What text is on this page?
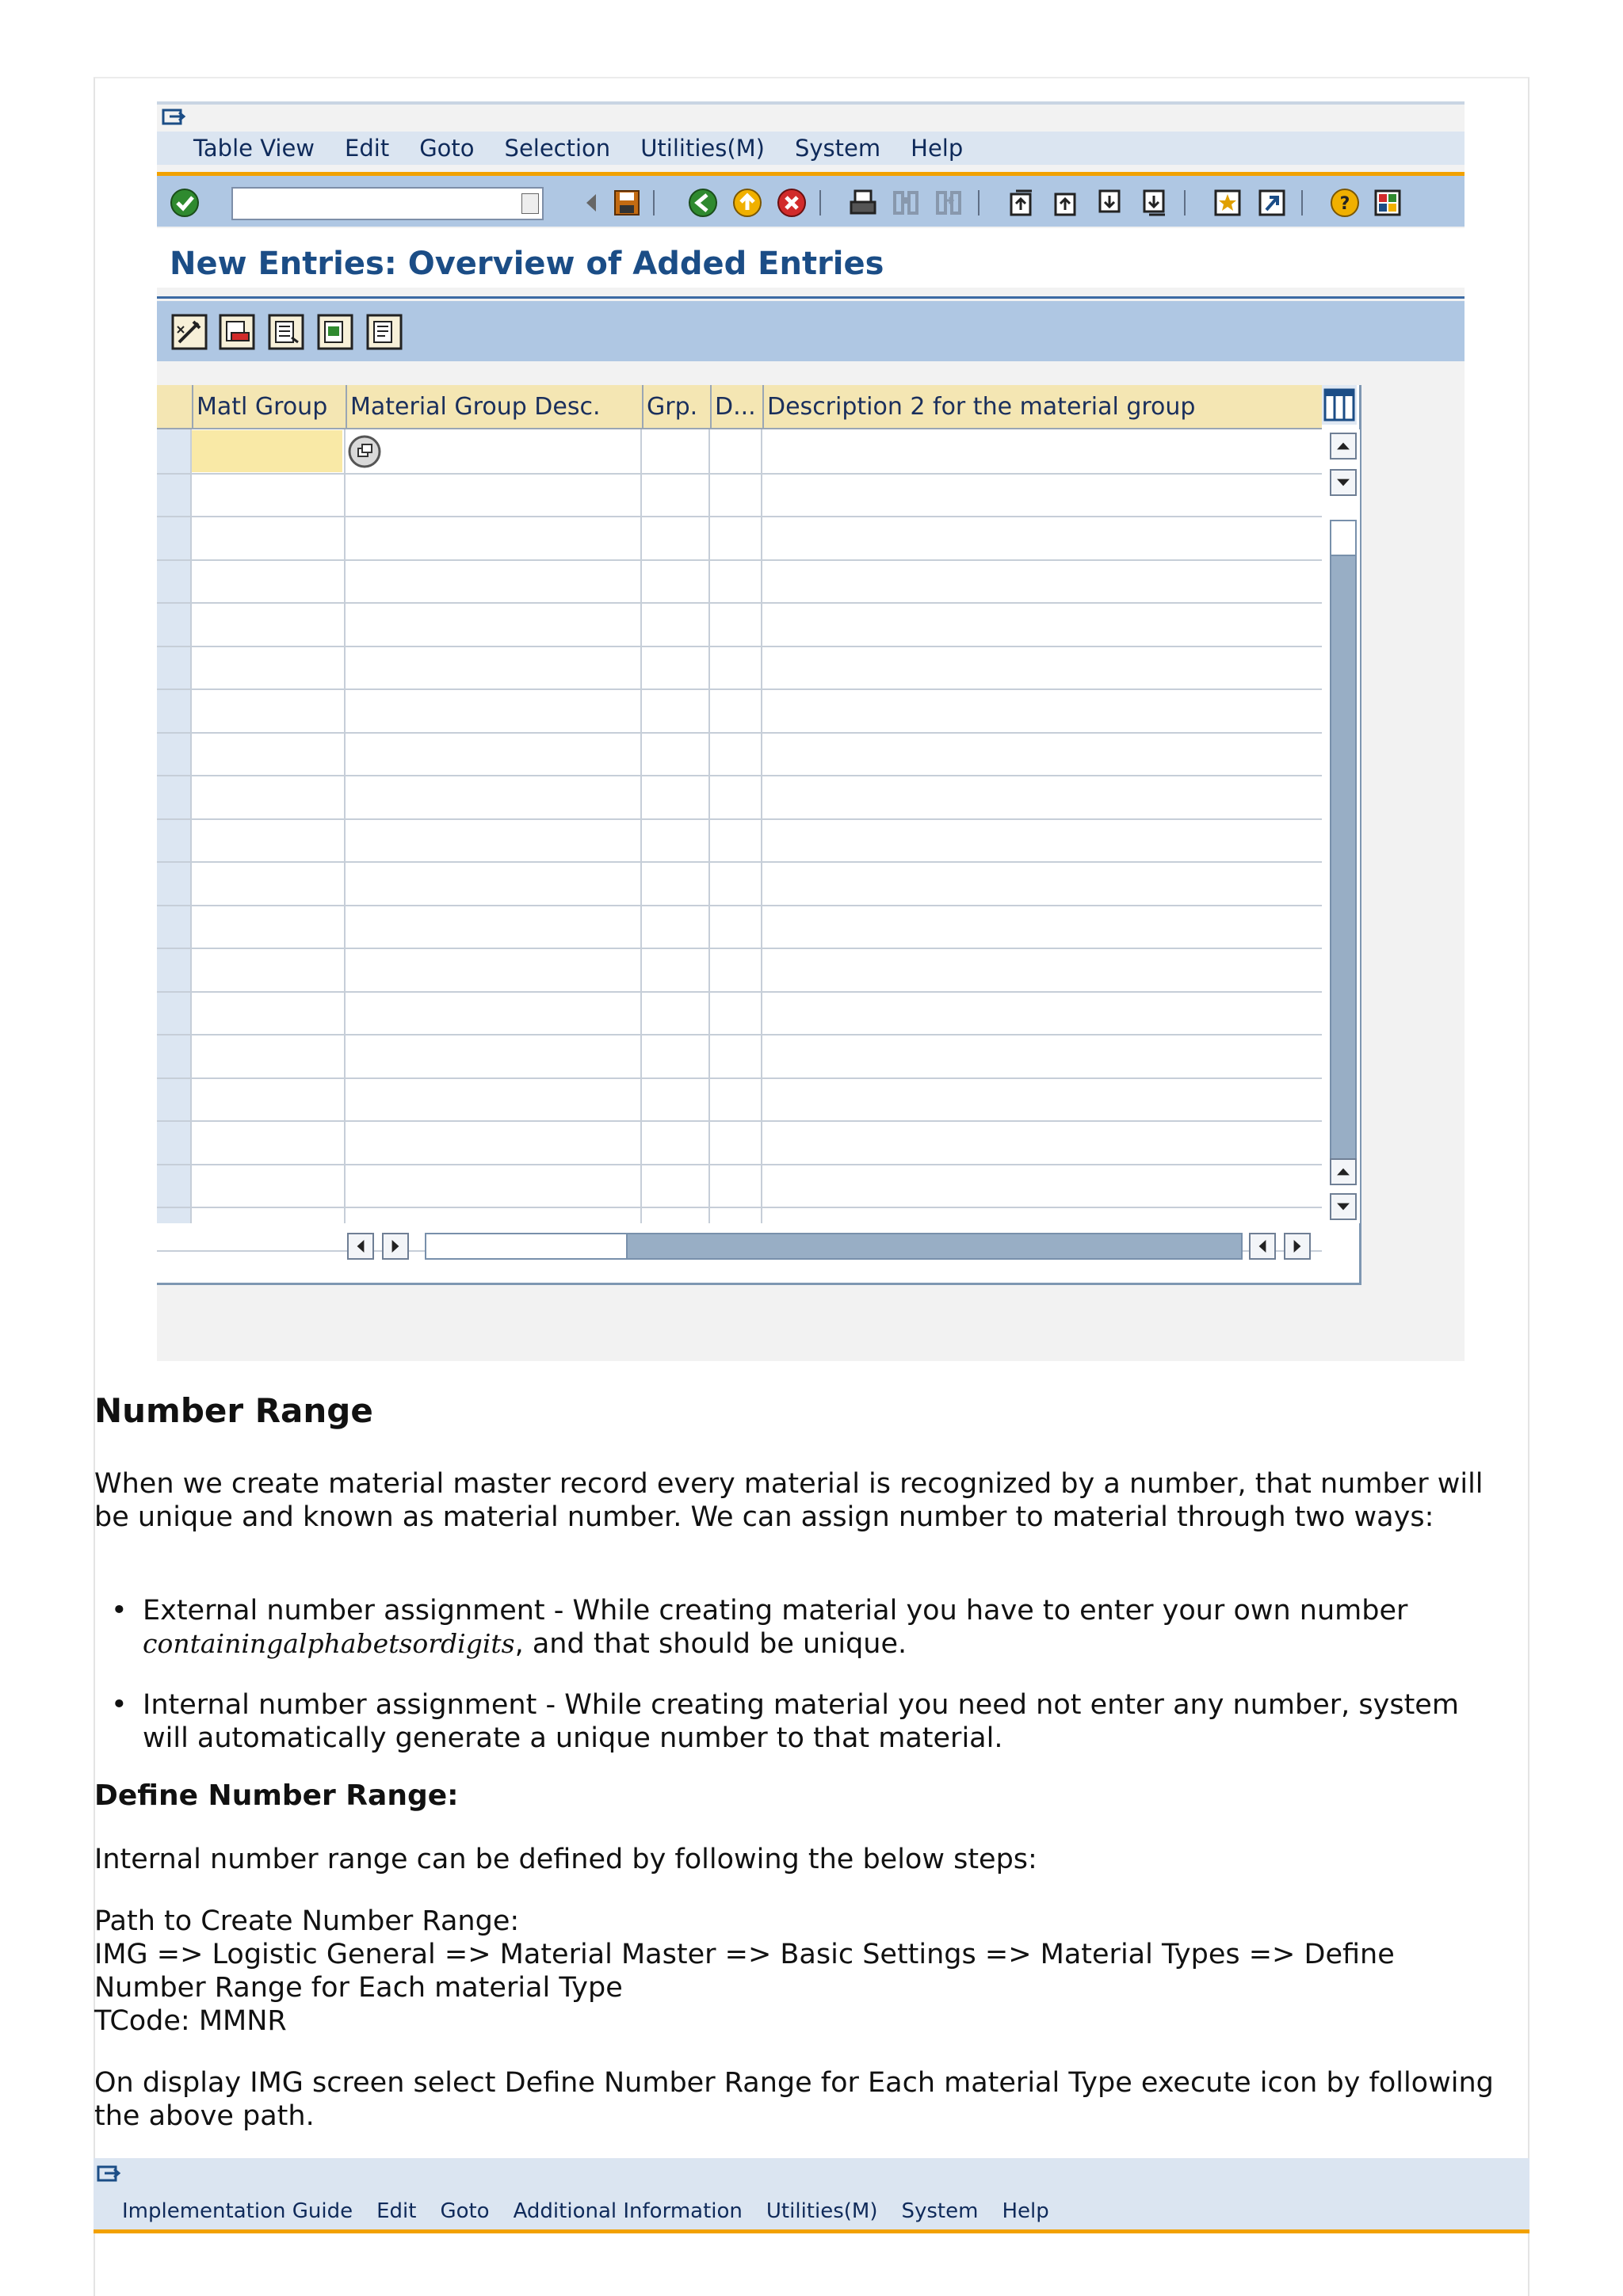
Table View Edit Goto Selection Utilities(M) System Help
?
New Entries: Overview of Added Entries
Matl Group Material Group Desc.	Grp. D... Description 2 for the material group
Number Range

When we create material master record every material is recognized by a number, that number will be unique and known as material number. We can assign number to material through two ways:

• External number assignment - While creating material you have to enter your own number containingalphabetsordigits, and that should be unique.

• Internal number assignment - While creating material you need not enter any number, system will automatically generate a unique number to that material.

Define Number Range:

Internal number range can be defined by following the below steps:

Path to Create Number Range:

IMG => Logistic General => Material Master => Basic Settings => Material Types => Define Number Range for Each material Type

TCode: MMNR

On display IMG screen select Define Number Range for Each material Type execute icon by following the above path.

Implementation Guide Edit Goto Additional Information Utilities(M) System Help
